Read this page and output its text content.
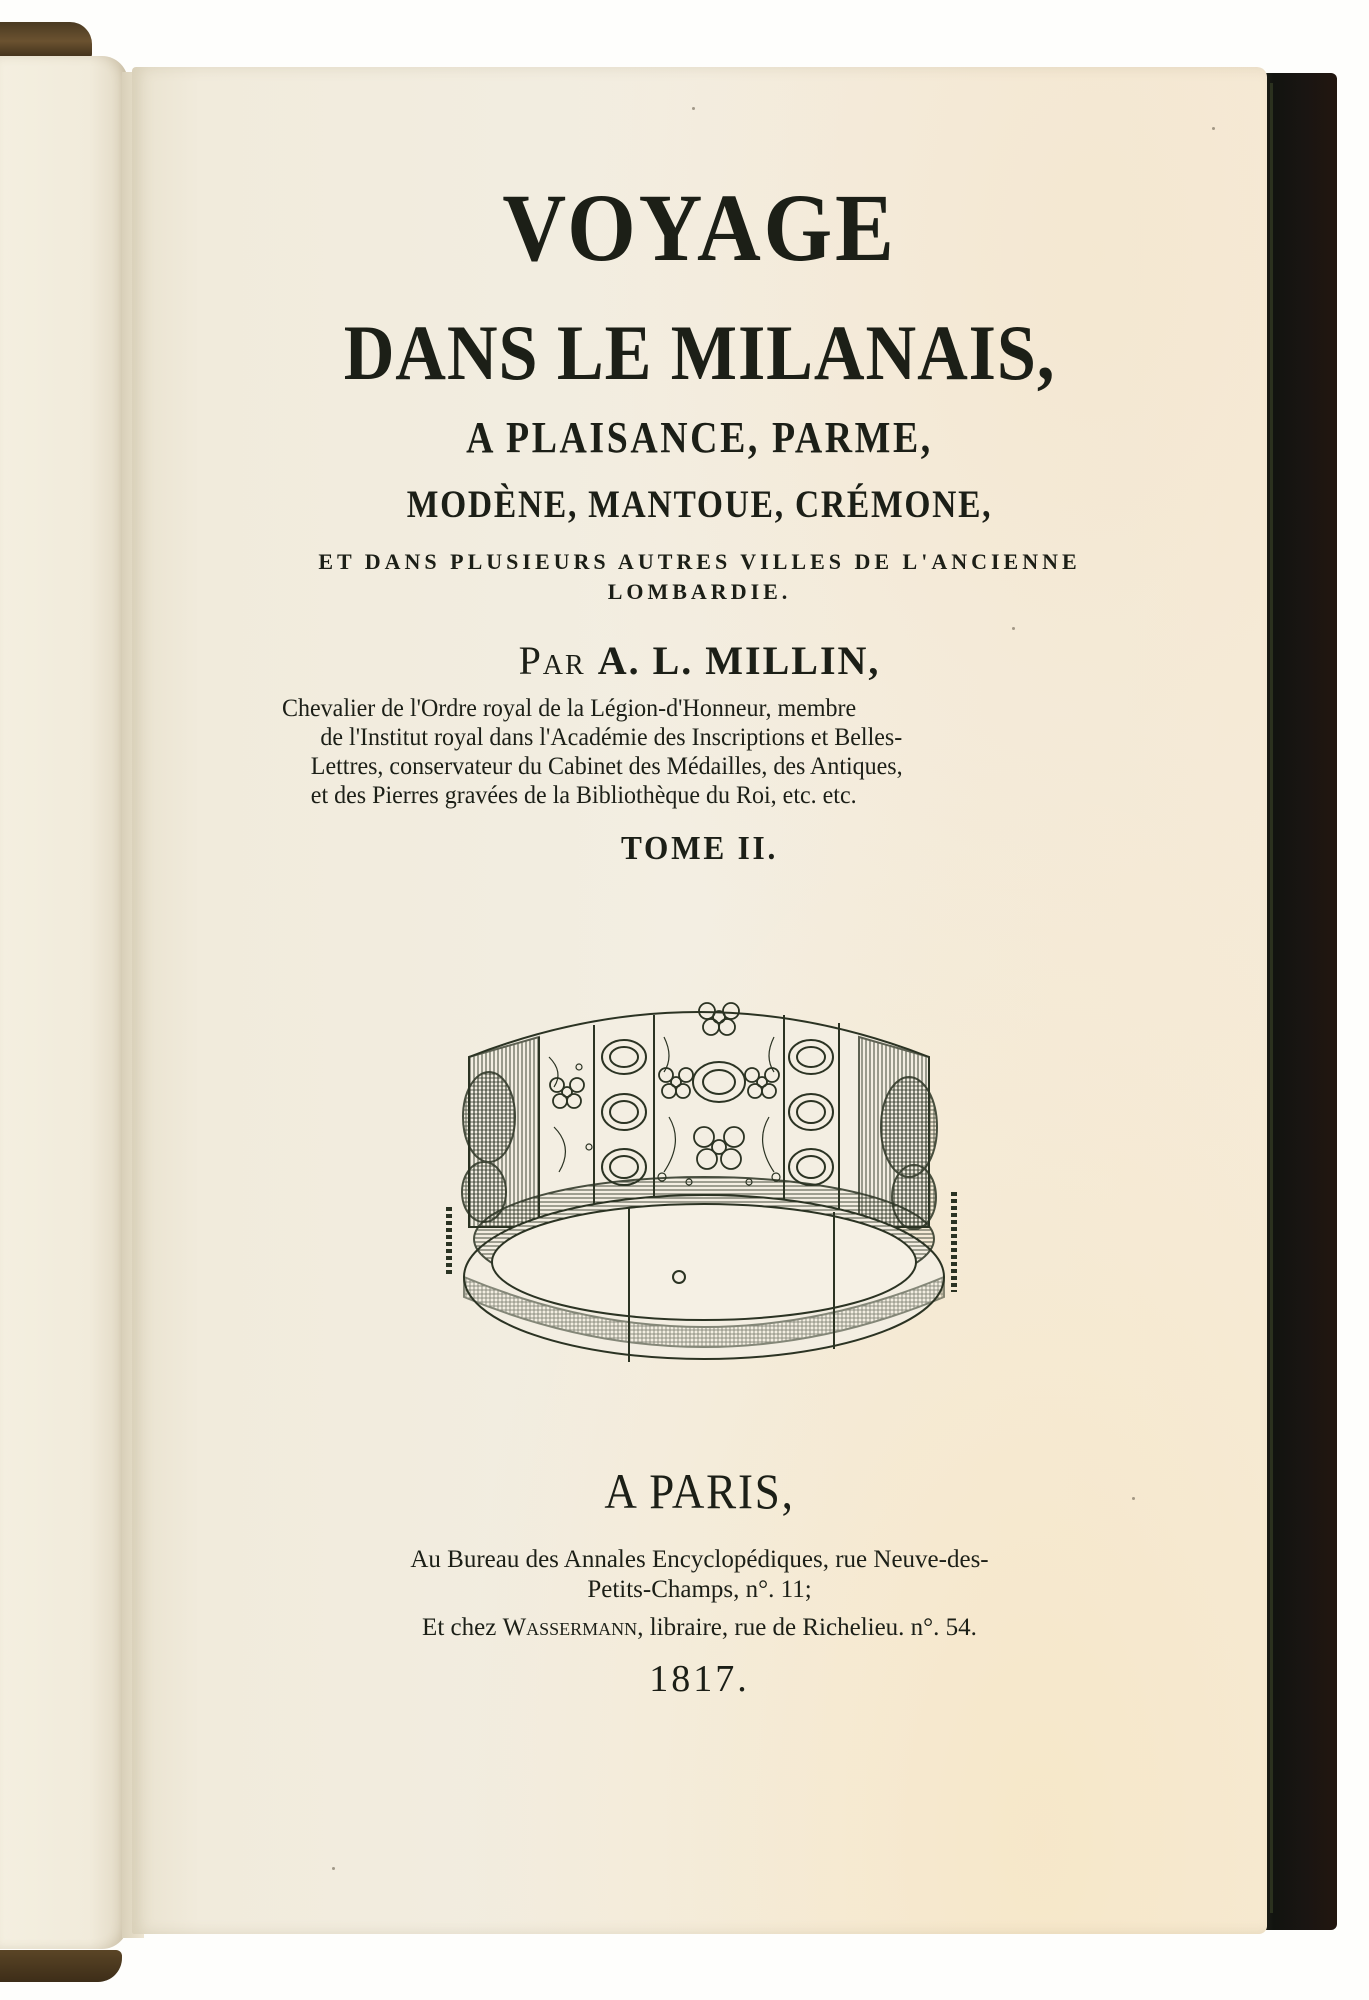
VOYAGE
DANS LE MILANAIS,
A PLAISANCE, PARME,
MODÈNE, MANTOUE, CRÉMONE,
ET DANS PLUSIEURS AUTRES VILLES DE L'ANCIENNE
LOMBARDIE.
Par A. L. MILLIN,
Chevalier de l'Ordre royal de la Légion-d'Honneur, membre
de l'Institut royal dans l'Académie des Inscriptions et Belles-
Lettres, conservateur du Cabinet des Médailles, des Antiques,
et des Pierres gravées de la Bibliothèque du Roi, etc. etc.
TOME II.
A PARIS,
Au Bureau des Annales Encyclopédiques, rue Neuve-des-
Petits-Champs, n°. 11;
Et chez Wassermann, libraire, rue de Richelieu. n°. 54.
1817.
